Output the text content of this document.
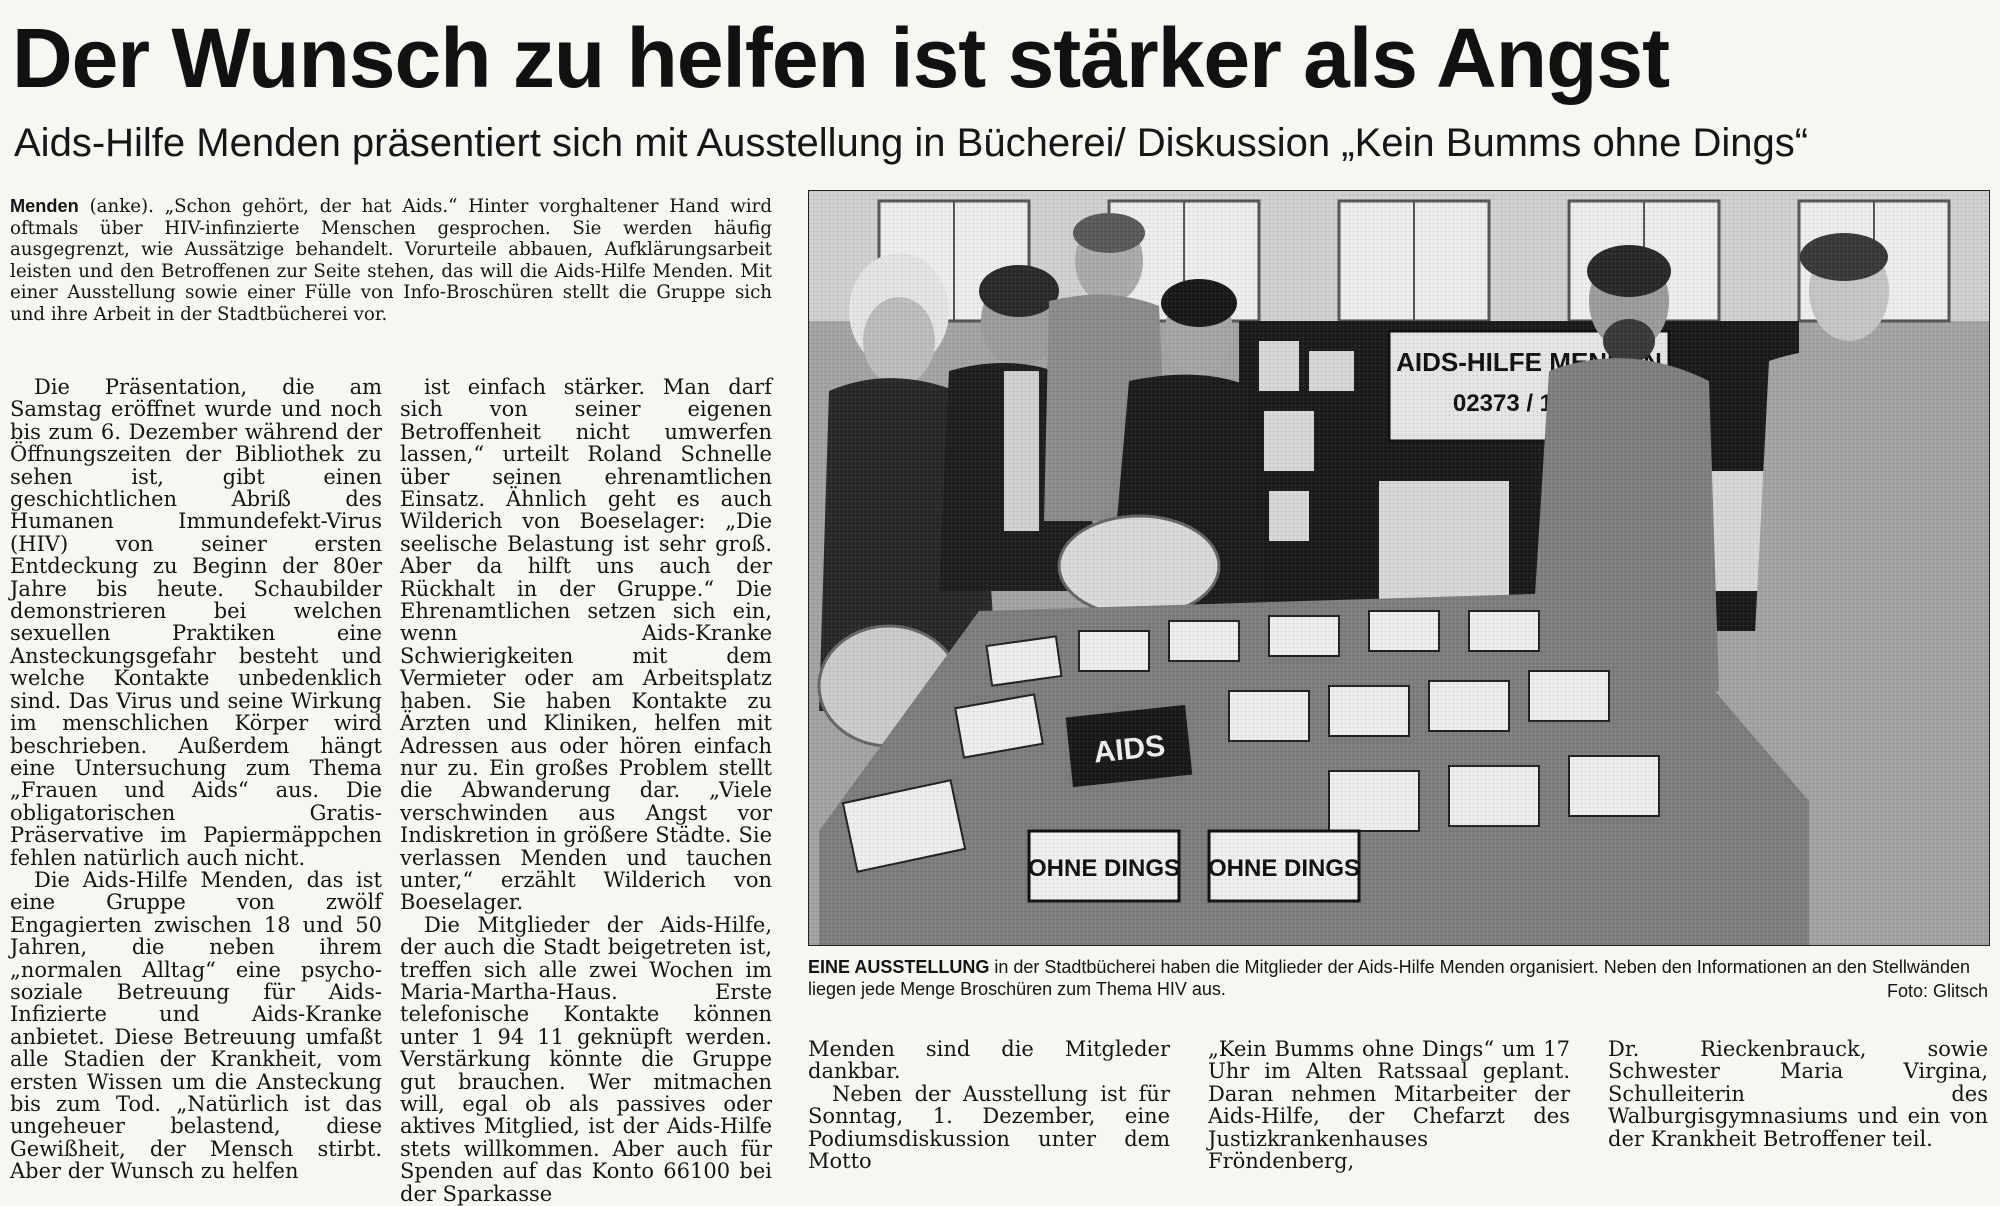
Der Wunsch zu helfen ist stärker als Angst
Aids-Hilfe Menden präsentiert sich mit Ausstellung in Bücherei/ Diskussion „Kein Bumms ohne Dings“

Menden (anke). „Schon gehört, der hat Aids.“ Hinter vorghaltener Hand wird oftmals über HIV-infinzierte Menschen gesprochen. Sie werden häufig ausgegrenzt, wie Aussätzige behandelt. Vorurteile abbauen, Aufklärungsarbeit leisten und den Betroffenen zur Seite stehen, das will die Aids-Hilfe Menden. Mit einer Ausstellung sowie einer Fülle von Info-Broschüren stellt die Gruppe sich und ihre Arbeit in der Stadtbücherei vor.

Die Präsentation, die am Samstag eröffnet wurde und noch bis zum 6. Dezember während der Öffnungszeiten der Bibliothek zu sehen ist, gibt einen geschichtlichen Abriß des Humanen Immundefekt-Virus (HIV) von seiner ersten Entdeckung zu Beginn der 80er Jahre bis heute. Schaubilder demonstrieren bei welchen sexuellen Praktiken eine Ansteckungsgefahr besteht und welche Kontakte unbedenklich sind. Das Virus und seine Wirkung im menschlichen Körper wird beschrieben. Außerdem hängt eine Untersuchung zum Thema „Frauen und Aids“ aus. Die obligatorischen Gratis-Präservative im Papiermäppchen fehlen natürlich auch nicht.

Die Aids-Hilfe Menden, das ist eine Gruppe von zwölf Engagierten zwischen 18 und 50 Jahren, die neben ihrem „normalen Alltag“ eine psycho-soziale Betreuung für Aids-Infizierte und Aids-Kranke anbietet. Diese Betreuung umfaßt alle Stadien der Krankheit, vom ersten Wissen um die Ansteckung bis zum Tod. „Natürlich ist das ungeheuer belastend, diese Gewißheit, der Mensch stirbt. Aber der Wunsch zu helfen

ist einfach stärker. Man darf sich von seiner eigenen Betroffenheit nicht umwerfen lassen,“ urteilt Roland Schnelle über seinen ehrenamtlichen Einsatz. Ähnlich geht es auch Wilderich von Boeselager: „Die seelische Belastung ist sehr groß. Aber da hilft uns auch der Rückhalt in der Gruppe.“ Die Ehrenamtlichen setzen sich ein, wenn Aids-Kranke Schwierigkeiten mit dem Vermieter oder am Arbeitsplatz haben. Sie haben Kontakte zu Ärzten und Kliniken, helfen mit Adressen aus oder hören einfach nur zu. Ein großes Problem stellt die Abwanderung dar. „Viele verschwinden aus Angst vor Indiskretion in größere Städte. Sie verlassen Menden und tauchen unter,“ erzählt Wilderich von Boeselager.

Die Mitglieder der Aids-Hilfe, der auch die Stadt beigetreten ist, treffen sich alle zwei Wochen im Maria-Martha-Haus. Erste telefonische Kontakte können unter 1 94 11 geknüpft werden. Verstärkung könnte die Gruppe gut brauchen. Wer mitmachen will, egal ob als passives oder aktives Mitglied, ist der Aids-Hilfe stets willkommen. Aber auch für Spenden auf das Konto 66100 bei der Sparkasse

EINE AUSSTELLUNG in der Stadtbücherei haben die Mitglieder der Aids-Hilfe Menden organisiert. Neben den Informationen an den Stellwänden liegen jede Menge Broschüren zum Thema HIV aus.	Foto: Glitsch

Menden sind die Mitgleder dankbar.

Neben der Ausstellung ist für Sonntag, 1. Dezember, eine Podiumsdiskussion unter dem Motto

„Kein Bumms ohne Dings“ um 17 Uhr im Alten Ratssaal geplant. Daran nehmen Mitarbeiter der Aids-Hilfe, der Chefarzt des Justizkrankenhauses Fröndenberg,

Dr. Rieckenbrauck, sowie Schwester Maria Virgina, Schulleiterin des Walburgisgymnasiums und ein von der Krankheit Betroffener teil.
